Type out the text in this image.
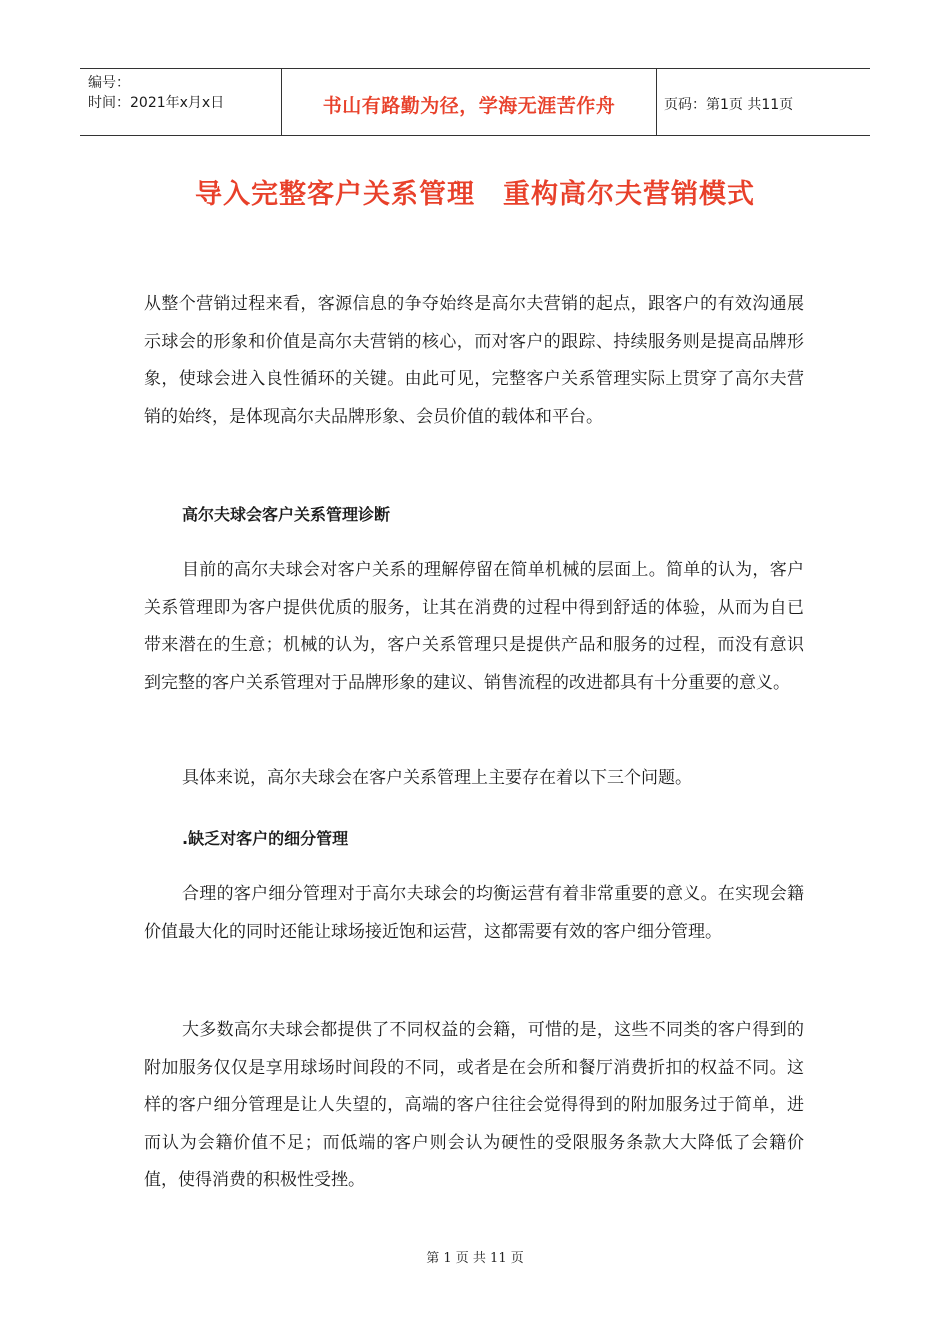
编号：
时间：2021年x月x日	书山有路勤为径，学海无涯苦作舟	页码：第1页 共11页
导入完整客户关系管理　重构高尔夫营销模式

从整个营销过程来看，客源信息的争夺始终是高尔夫营销的起点，跟客户的有效沟通展示球会的形象和价值是高尔夫营销的核心，而对客户的跟踪、持续服务则是提高品牌形象，使球会进入良性循环的关键。由此可见，完整客户关系管理实际上贯穿了高尔夫营销的始终，是体现高尔夫品牌形象、会员价值的载体和平台。

高尔夫球会客户关系管理诊断

目前的高尔夫球会对客户关系的理解停留在简单机械的层面上。简单的认为，客户关系管理即为客户提供优质的服务，让其在消费的过程中得到舒适的体验，从而为自已带来潜在的生意；机械的认为，客户关系管理只是提供产品和服务的过程，而没有意识到完整的客户关系管理对于品牌形象的建议、销售流程的改进都具有十分重要的意义。

具体来说，高尔夫球会在客户关系管理上主要存在着以下三个问题。

.缺乏对客户的细分管理

合理的客户细分管理对于高尔夫球会的均衡运营有着非常重要的意义。在实现会籍价值最大化的同时还能让球场接近饱和运营，这都需要有效的客户细分管理。

大多数高尔夫球会都提供了不同权益的会籍，可惜的是，这些不同类的客户得到的附加服务仅仅是享用球场时间段的不同，或者是在会所和餐厅消费折扣的权益不同。这样的客户细分管理是让人失望的，高端的客户往往会觉得得到的附加服务过于简单，进而认为会籍价值不足；而低端的客户则会认为硬性的受限服务条款大大降低了会籍价值，使得消费的积极性受挫。

第 1 页 共 11 页
